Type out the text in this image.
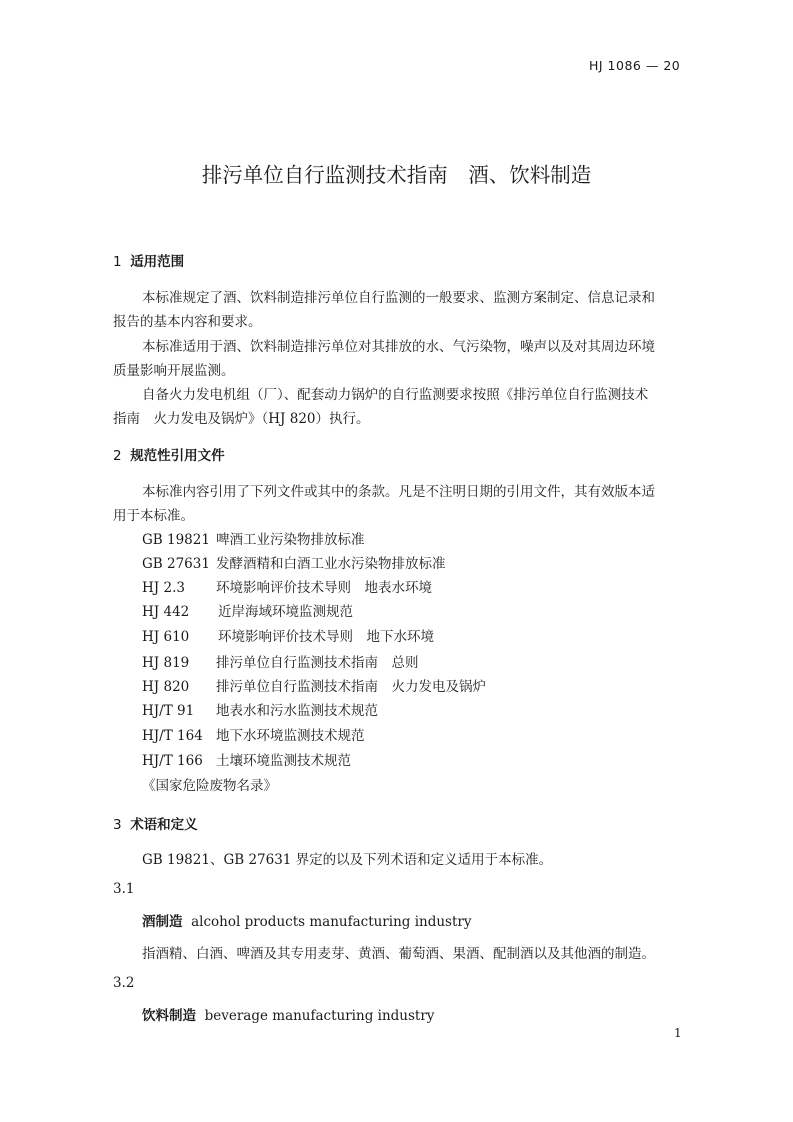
HJ 1086 — 20
排污单位自行监测技术指南　酒、饮料制造
1 适用范围
本标准规定了酒、饮料制造排污单位自行监测的一般要求、监测方案制定、信息记录和
报告的基本内容和要求。
本标准适用于酒、饮料制造排污单位对其排放的水、气污染物，噪声以及对其周边环境
质量影响开展监测。
自备火力发电机组（厂）、配套动力锅炉的自行监测要求按照《排污单位自行监测技术
指南　火力发电及锅炉》（HJ 820）执行。
2 规范性引用文件
本标准内容引用了下列文件或其中的条款。凡是不注明日期的引用文件，其有效版本适
用于本标准。
GB 19821 啤酒工业污染物排放标准
GB 27631 发酵酒精和白酒工业水污染物排放标准
HJ 2.3 环境影响评价技术导则　地表水环境
HJ 442 近岸海域环境监测规范
HJ 610 环境影响评价技术导则　地下水环境
HJ 819 排污单位自行监测技术指南　总则
HJ 820 排污单位自行监测技术指南　火力发电及锅炉
HJ/T 91 地表水和污水监测技术规范
HJ/T 164 地下水环境监测技术规范
HJ/T 166 土壤环境监测技术规范
《国家危险废物名录》
3 术语和定义
GB 19821、GB 27631 界定的以及下列术语和定义适用于本标准。
3.1
酒制造 alcohol products manufacturing industry
指酒精、白酒、啤酒及其专用麦芽、黄酒、葡萄酒、果酒、配制酒以及其他酒的制造。
3.2
饮料制造 beverage manufacturing industry
1
